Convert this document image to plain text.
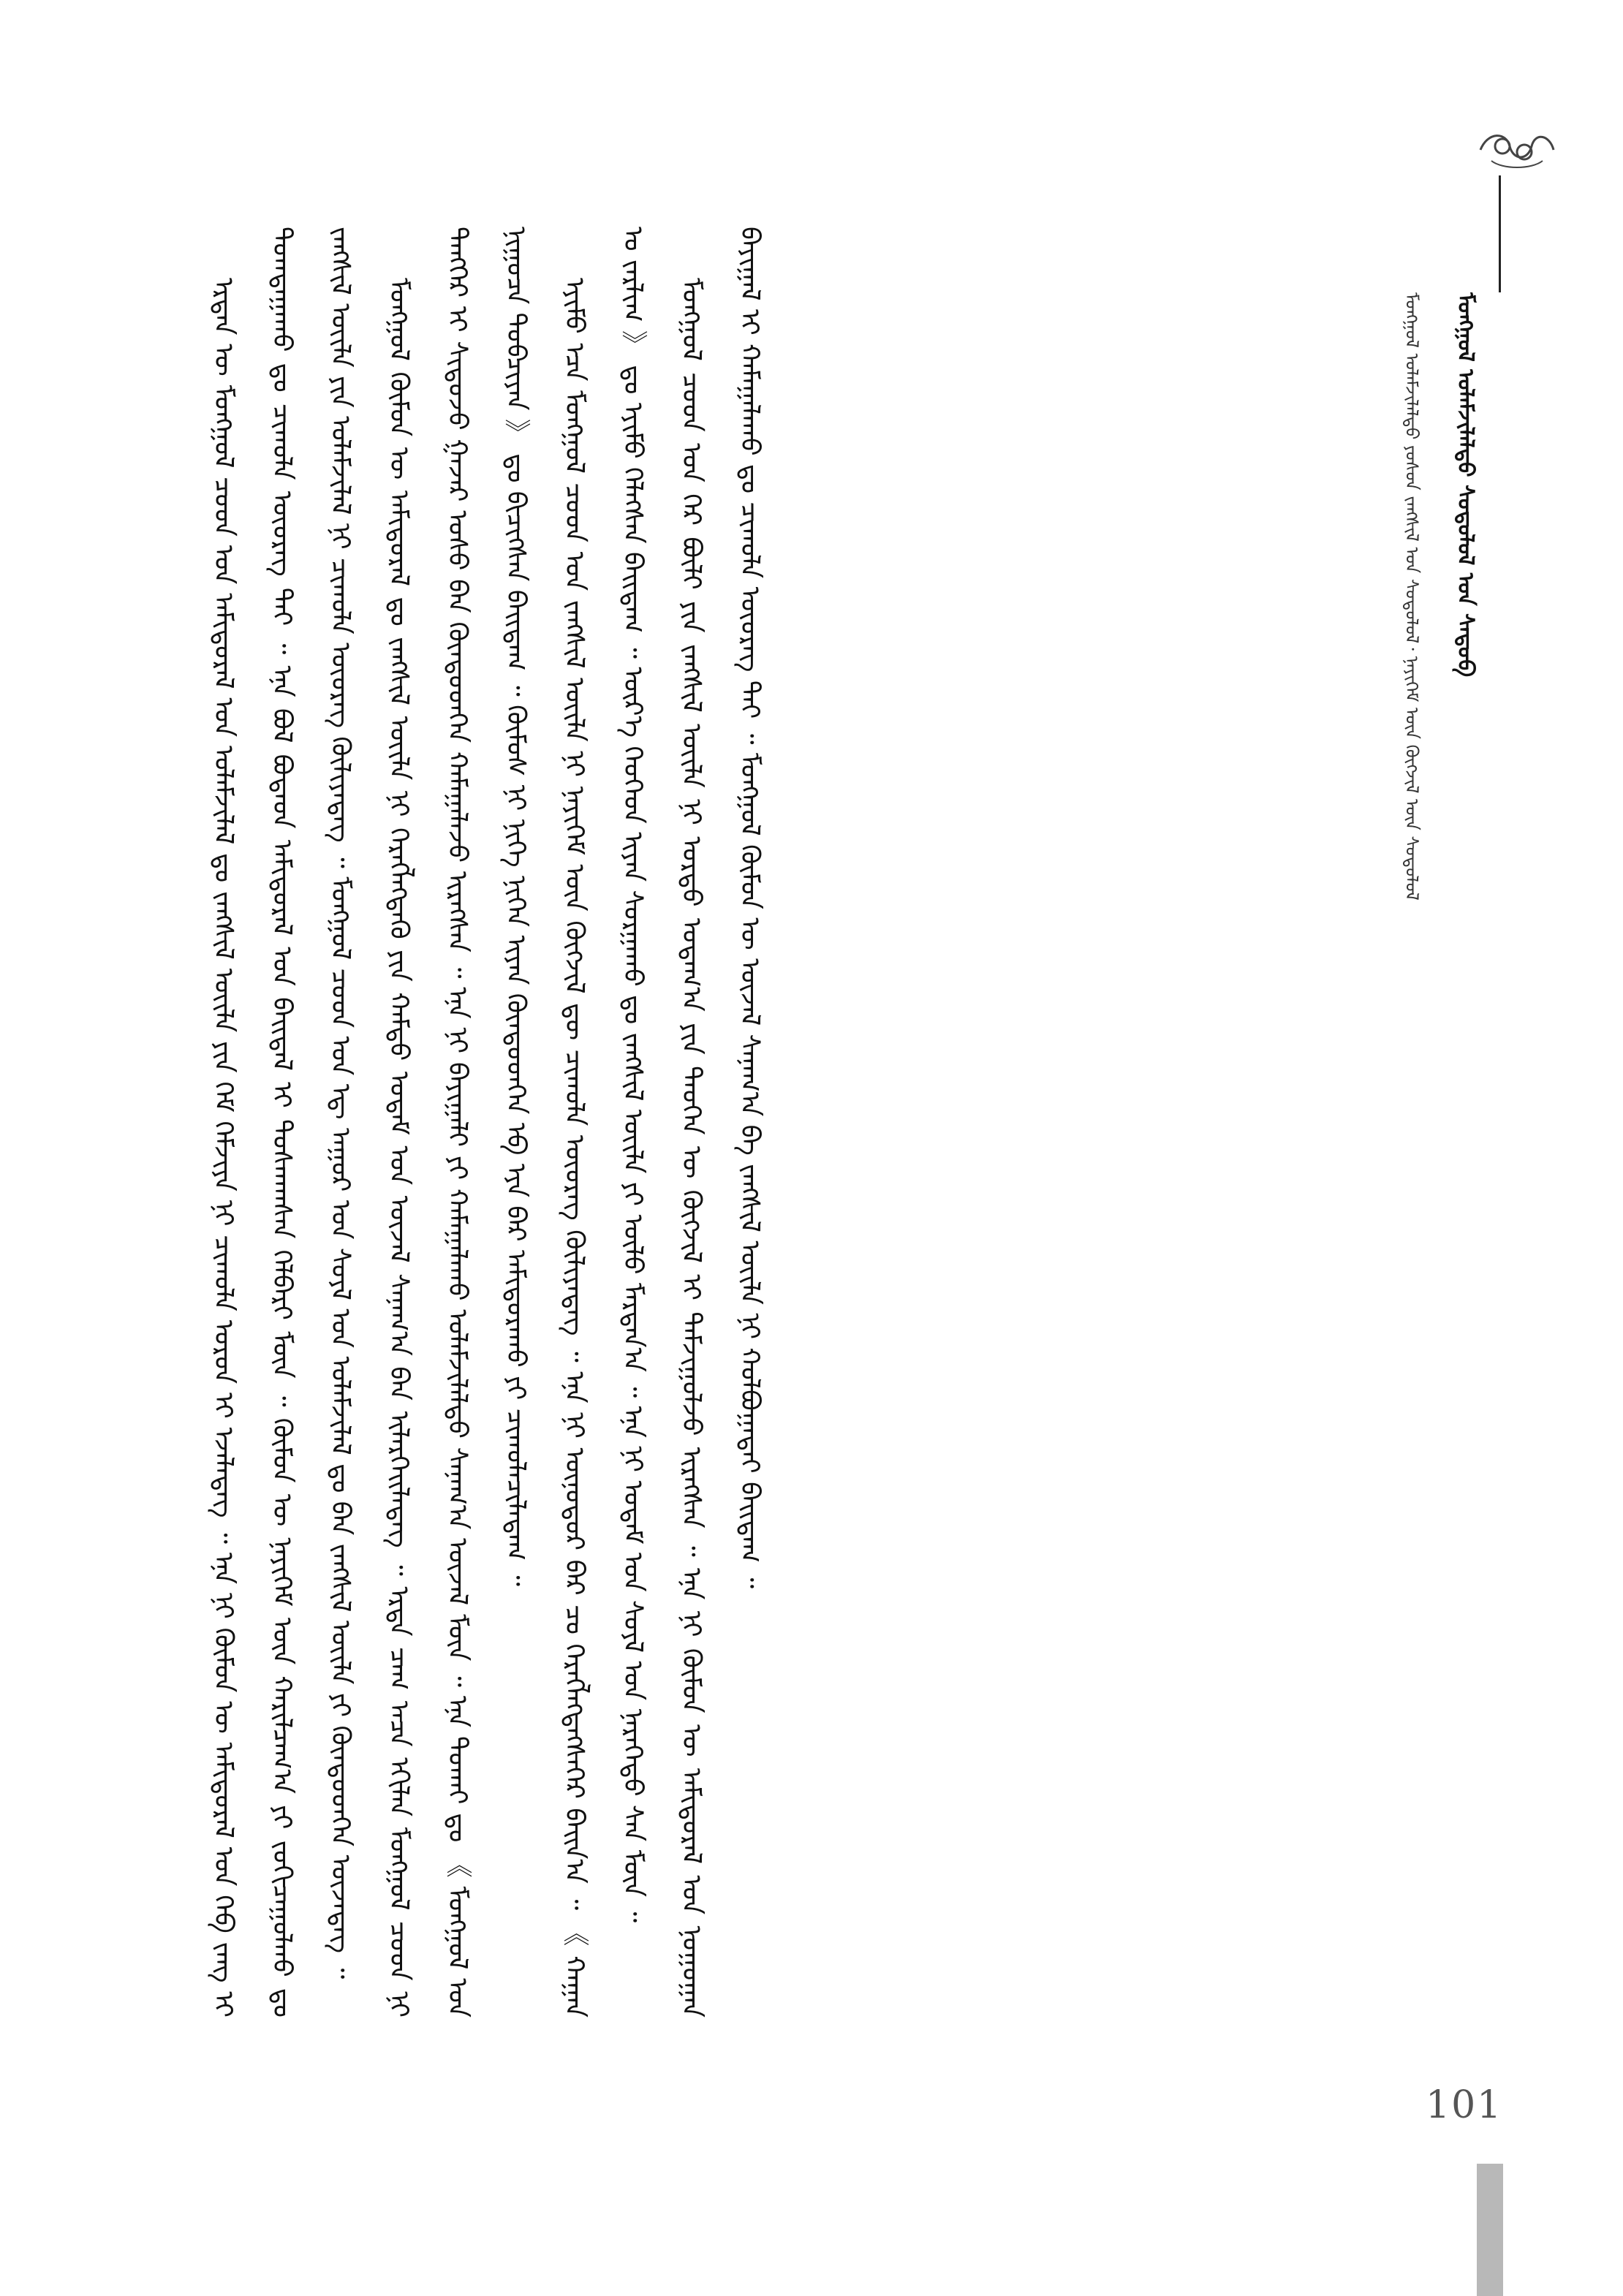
ᠮᠣᠩᠭᠣᠯ ᠤᠯᠠᠮᠵᠢᠯᠠᠯᠲᠤ ᠰᠤᠳᠤᠯᠤᠯ ᠤᠨ ᠰᠡᠳᠦᠪ
ᠮᠣᠩᠭᠣᠯ ᠤᠯᠠᠮᠵᠢᠯᠠᠯᠲᠤ ᠶᠣᠰᠤᠨ ᠵᠠᠩᠰᠢᠯ ᠤᠨ ᠰᠤᠳᠤᠯᠤᠯ᠂ ᠨᠡᠶᠢᠭᠡᠮ ᠦᠨ ᠬᠥᠭᠵᠢᠯ ᠦᠨ ᠰᠤᠳᠤᠯᠤᠯ

ᠡᠷᠲᠡᠨ ᠦ ᠮᠣᠩᠭᠣᠯ ᠴᠤᠳ ᠤᠨ ᠠᠮᠢᠳᠤᠷᠠᠯ ᠤᠨ ᠤᠯᠠᠮᠵᠢᠯᠠᠯ ᠳᠤ ᠵᠠᠩᠰᠢᠯ ᠦᠢᠯᠡ ᠶᠢᠨ ᠬᠡᠮ ᠬᠡᠮᠵᠢᠶᠡ ᠨᠢ ᠴᠢᠬᠤᠯᠠ ᠣᠷᠤᠨ ᠢ ᠡᠵᠡᠯᠡᠳᠡᠭ ᠃ ᠡᠨᠡ ᠨᠢ ᠬᠦᠮᠦᠨ ᠦ ᠠᠮᠢᠳᠤᠷᠠᠯ ᠤᠨ ᠬᠡᠪ ᠵᠠᠩ ᠢ ᠲᠣᠭᠲᠠᠭᠠᠬᠤ ᠳᠤ ᠴᠢᠬᠤᠯᠠ ᠦᠦᠷᠡᠭ ᠲᠡᠢ ᠃ ᠡᠨᠡ ᠪᠣᠯ ᠪᠣᠳᠠᠳ ᠠᠮᠢᠳᠤᠷᠠᠯ ᠤᠨ ᠪᠠᠢᠳᠠᠯ ᠢ ᠲᠤᠰᠬᠠᠭᠰᠠᠨ ᠬᠡᠯᠪᠡᠷᠢ ᠮᠥᠨ ᠃ ᠬᠦᠮᠦᠨ ᠦ ᠨᠡᠶᠢᠭᠡᠮ ᠦᠨ ᠬᠠᠷᠢᠯᠴᠠᠭ᠎ᠠ ᠶᠢ ᠵᠣᠬᠢᠴᠠᠭᠤᠯᠬᠤ ᠳᠤ ᠵᠠᠩᠰᠢᠯ ᠦᠢᠯᠡ ᠶᠢᠨ ᠤᠯᠠᠮᠵᠢᠯᠠᠯ ᠨᠢ ᠴᠢᠬᠤᠯᠠ ᠦᠦᠷᠡᠭ ᠬᠦᠯᠢᠶᠡᠳᠡᠭ ᠃ ᠮᠣᠩᠭᠣᠯ ᠴᠤᠳ ᠤᠨ ᠡᠳ᠋ ᠠᠭᠤᠷ ᠤᠨ ᠰᠤᠶᠯ ᠤᠨ ᠤᠯᠠᠮᠵᠢᠯᠠᠯ ᠳᠤ ᠪᠠᠨ ᠵᠠᠩᠰᠢᠯ ᠦᠢᠯᠡ ᠶᠢ ᠬᠦᠨᠳᠦᠳᠬᠡᠨ ᠦᠵᠡᠳᠡᠭ ᠃	ᠮᠣᠩᠭᠣᠯ ᠬᠦᠮᠦᠨ ᠦ ᠠᠮᠢᠳᠤᠷᠠᠯ ᠳᠤ ᠵᠠᠩᠰᠢᠯ ᠦᠢᠯᠡ ᠨᠢ ᠬᠡᠷᠡᠭᠯᠡᠭᠳᠡᠬᠦ ᠶᠢᠨ ᠬᠠᠮᠲᠤ ᠤᠳᠠᠮ ᠤᠨ ᠦᠵᠡᠯ ᠰᠠᠨᠠᠭ᠎ᠠ ᠪᠠᠨ ᠢᠯᠡᠷᠬᠡᠢᠯᠡᠳᠡᠭ ᠃ ᠡᠷᠲᠡ ᠴᠠᠭ ᠠᠴᠠ ᠡᠬᠢᠯᠡᠨ ᠮᠣᠩᠭᠣᠯ ᠴᠤᠳ ᠨᠢ ᠲᠡᠩᠭᠡᠷ ᠢ ᠰᠢᠲᠦᠵᠦ ᠭᠠᠵᠠᠷ ᠤᠰᠤ ᠪᠠᠨ ᠬᠦᠨᠳᠦᠳᠬᠡᠨ ᠬᠠᠮᠠᠭᠠᠯᠠᠵᠤ ᠢᠷᠡᠭᠰᠡᠨ ᠃ ᠡᠨᠡ ᠨᠢ ᠪᠠᠶᠢᠭᠠᠯᠢ ᠶᠢ ᠬᠠᠮᠠᠭᠠᠯᠠᠬᠤ ᠤᠯᠠᠮᠵᠢᠯᠠᠯᠲᠤ ᠰᠠᠨᠠᠭ᠎ᠠ ᠦᠵᠡᠯ ᠮᠥᠨ ᠃ ᠡᠨᠡ ᠲᠤᠬᠠᠢ ᠳᠤ 《 ᠮᠣᠩᠭᠣᠯ ᠤᠨ ᠨᠢᠭᠤᠴᠠ ᠲᠣᠪᠴᠢᠶᠠᠨ 》 ᠳᠤ ᠪᠢᠴᠢᠭᠰᠡᠨ ᠪᠠᠢᠳᠠᠭ ᠃ ᠬᠦᠮᠦᠰ ᠨᠢ ᠨᠢᠭᠡ ᠨᠢᠭᠡᠨ ᠢᠶᠡᠨ ᠬᠦᠨᠳᠦᠳᠬᠡᠨ ᠡᠪ ᠡᠶᠡ ᠪᠠᠷ ᠠᠮᠢᠳᠤᠷᠠᠬᠤ ᠶᠢ ᠴᠢᠬᠤᠯᠠᠴᠢᠯᠠᠳᠠᠭ ᠃	ᠡᠶᠢᠮᠦ ᠡᠴᠡ ᠮᠣᠩᠭᠣᠯ ᠴᠤᠳ ᠤᠨ ᠵᠠᠩᠰᠢᠯ ᠦᠢᠯᠡ ᠨᠢ ᠨᠡᠶᠢᠭᠡᠮ ᠦᠨ ᠬᠥᠭᠵᠢᠯ ᠳᠦ ᠴᠢᠬᠤᠯᠠ ᠦᠦᠷᠡᠭ ᠬᠦᠯᠢᠶᠡᠳᠡᠭ ᠃ ᠡᠨᠡ ᠨᠢ ᠥᠨᠥᠳᠥᠷ ᠪᠠᠷ ᠴᠤ ᠬᠡᠷᠡᠭᠯᠡᠭᠳᠡᠭᠰᠡᠭᠡᠷ ᠪᠠᠢᠨ᠎ᠠ ᠃ 《 ᠬᠠᠭᠠᠨ ᠤ ᠵᠠᠷᠯᠢᠭ 》 ᠳᠤ ᠡᠶᠢᠮᠦ ᠬᠡᠯᠡᠭᠰᠡᠨ ᠪᠠᠢᠳᠠᠭ ᠃ ᠦᠷ᠎ᠡ ᠬᠡᠦᠬᠡᠳ ᠢᠶᠡᠨ ᠰᠤᠷᠭᠠᠬᠤ ᠳᠤ ᠵᠠᠩᠰᠢᠯ ᠦᠢᠯᠡ ᠶᠢ ᠦᠯᠦ ᠮᠠᠷᠲᠠᠨ᠎ᠠ ᠃ ᠡᠨᠡ ᠨᠢ ᠤᠳᠠᠮ ᠤᠨ ᠰᠤᠶᠯ ᠤᠨ ᠨᠡᠷᠡᠭᠡᠳᠦ ᠰᠠᠨ ᠮᠥᠨ ᠃	ᠮᠣᠩᠭᠣᠯ ᠴᠤᠳ ᠤᠨ ᠭᠡᠷ ᠪᠦᠯᠢ ᠶᠢᠨ ᠵᠠᠩᠰᠢᠯ ᠦᠢᠯᠡ ᠨᠢ ᠤᠷᠲᠤ ᠤᠳᠠᠭ᠎ᠠ ᠶᠢᠨ ᠲᠡᠦᠬᠡᠨ ᠦ ᠬᠥᠭᠵᠢᠯ ᠢ ᠳᠠᠮᠵᠢᠭᠤᠯᠵᠤ ᠢᠷᠡᠭᠰᠡᠨ ᠃ ᠡᠨᠡ ᠨᠢ ᠬᠦᠮᠦᠨ ᠦ ᠠᠮᠢᠳᠤᠷᠠᠯ ᠤᠨ ᠨᠣᠭᠤᠭᠠᠨ ᠪᠠᠶᠢᠭᠠᠯ ᠢ ᠬᠠᠮᠠᠭᠠᠯᠠᠬᠤ ᠳᠤ ᠴᠢᠬᠤᠯᠠ ᠦᠦᠷᠡᠭ ᠲᠡᠢ ᠃ ᠮᠣᠩᠭᠣᠯ ᠬᠦᠮᠦᠨ ᠦ ᠦᠵᠡᠯ ᠰᠠᠨᠠᠭ᠎ᠠ ᠪᠠ ᠵᠠᠩᠰᠢᠯ ᠦᠢᠯᠡ ᠨᠢ ᠬᠣᠯᠪᠣᠭᠠᠲᠠᠢ ᠪᠠᠢᠳᠠᠭ ᠃

101
